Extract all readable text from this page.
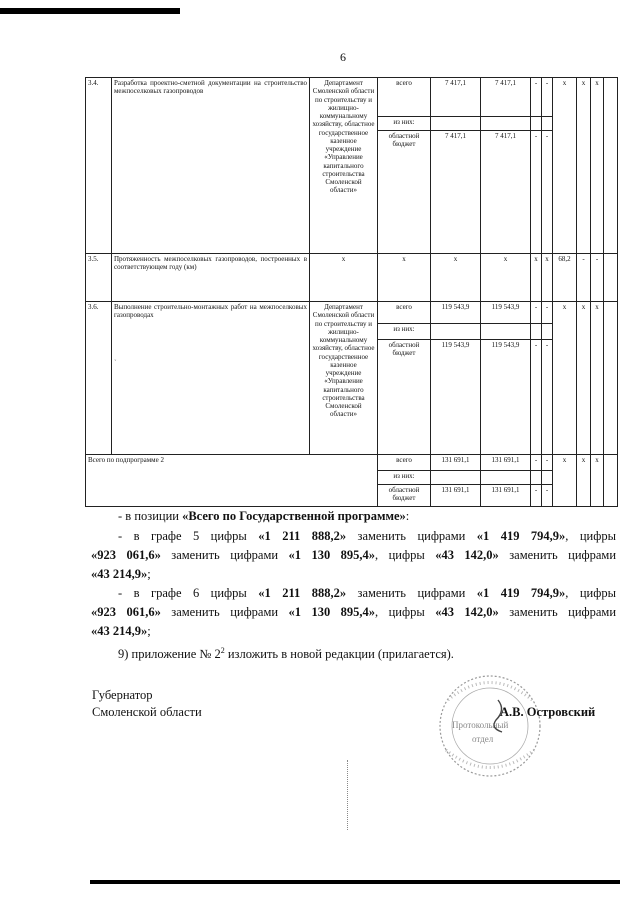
6
3.4.	Разработка проектно-сметной документации на строительство межпоселковых газопроводов	Департамент Смоленской области по строительству и жилищно-коммунальному хозяйству, областное государственное казенное учреждение «Управление капитального строительства Смоленской области»	всего	7 417,1	7 417,1	-	-	x	x	x	
			из них:								
			областной бюджет	7 417,1	7 417,1	-	-				
3.5.	Протяженность межпоселковых газопроводов, построенных в соответствующем году (км)	x	x	x	x	x	x	68,2	-	-	
3.6.	Выполнение строительно-монтажных работ на межпоселковых газопроводах	Департамент Смоленской области по строительству и жилищно-коммунальному хозяйству, областное государственное казенное учреждение «Управление капитального строительства Смоленской области»	всего	119 543,9	119 543,9	-	-	x	x	x	
			из них:								
			областной бюджет	119 543,9	119 543,9	-	-				
Всего по подпрограмме 2			всего	131 691,1	131 691,1	-	-	x	x	x	
			из них:								
			областной бюджет	131 691,1	131 691,1	-	-				
˯
- в позиции «Всего по Государственной программе»:
- в графе 5 цифры «1 211 888,2» заменить цифрами «1 419 794,9», цифры
«923 061,6» заменить цифрами «1 130 895,4», цифры «43 142,0» заменить цифрами
«43 214,9»;
- в графе 6 цифры «1 211 888,2» заменить цифрами «1 419 794,9», цифры
«923 061,6» заменить цифрами «1 130 895,4», цифры «43 142,0» заменить цифрами
«43 214,9»;
9) приложение № $2^2$ изложить в новой редакции (прилагается).
Губернатор
Смоленской области
Протокольный
отдел
А.В. Островский
